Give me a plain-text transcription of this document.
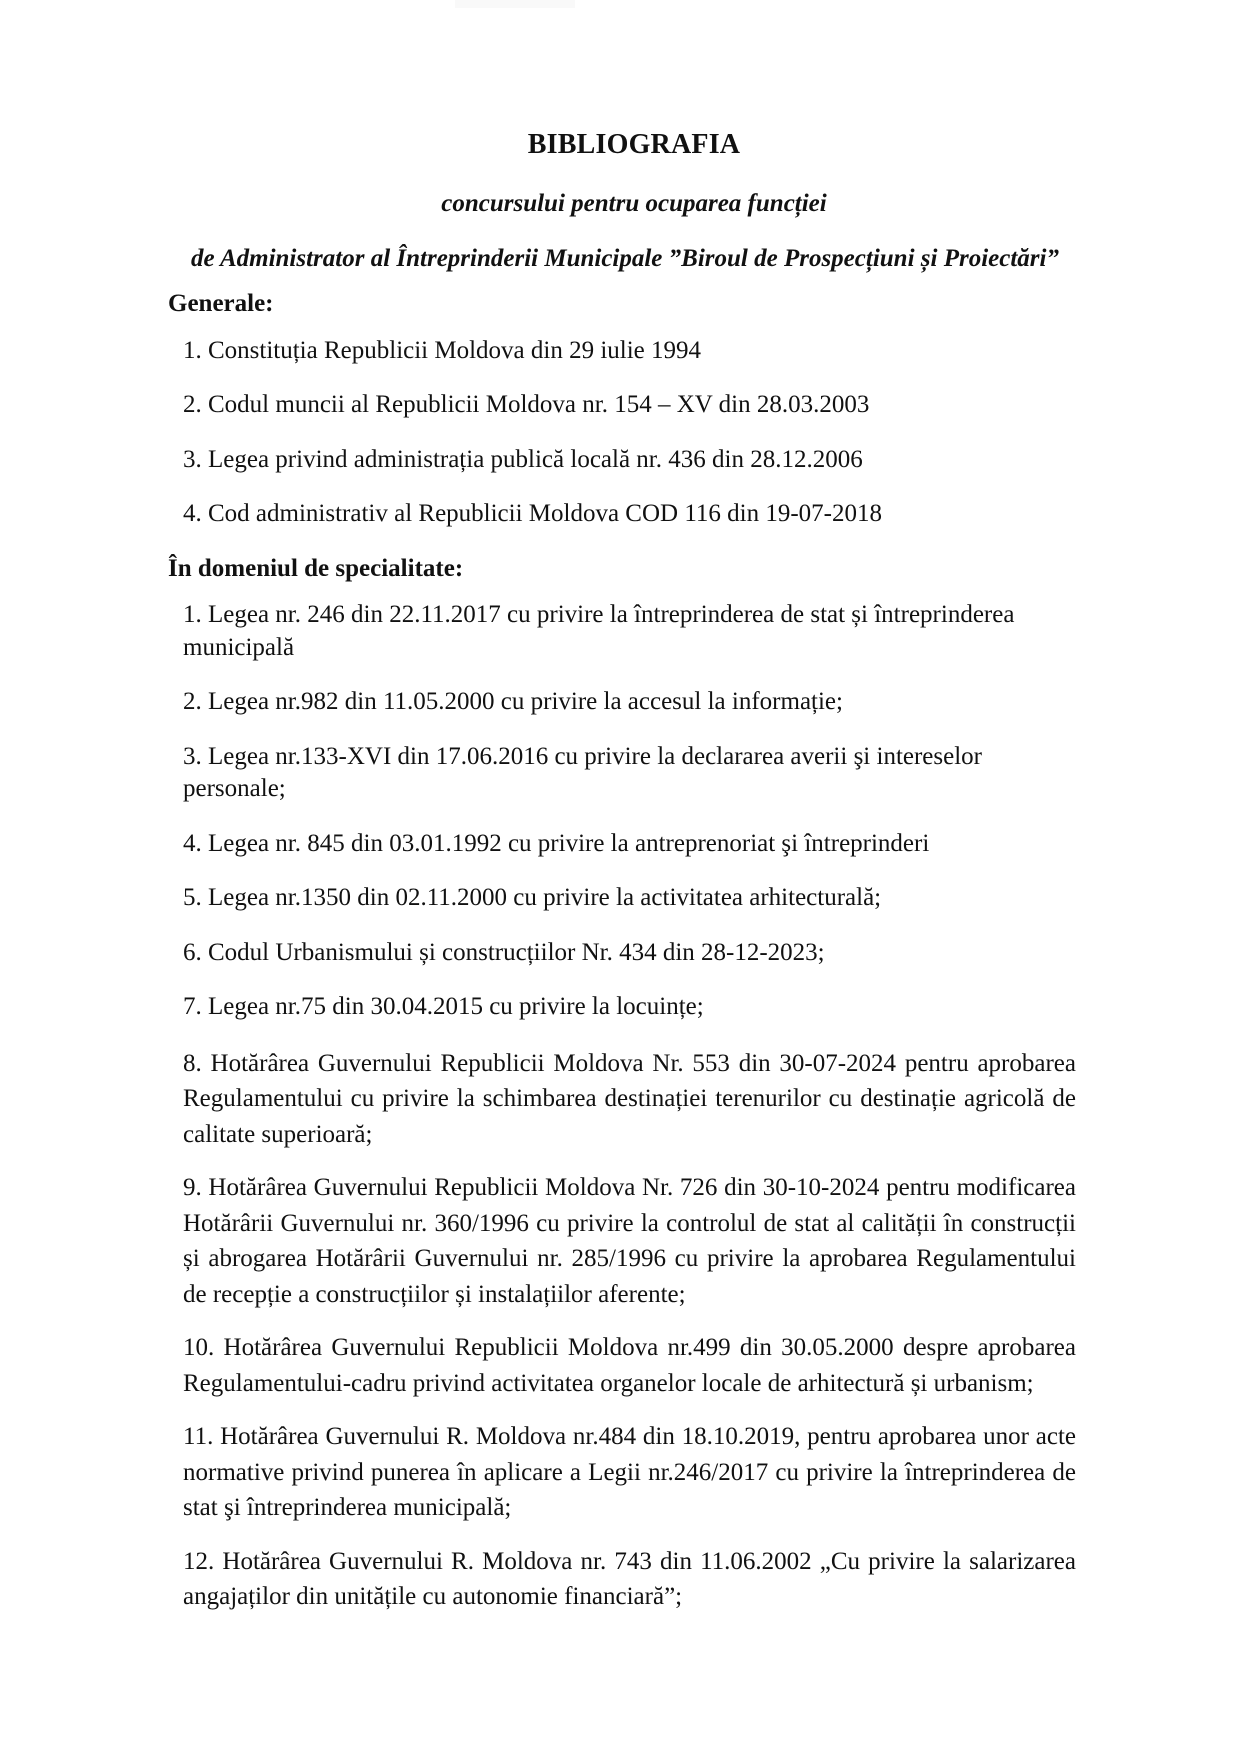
BIBLIOGRAFIA

concursului pentru ocuparea funcției

de Administrator al Întreprinderii Municipale ”Biroul de Prospecțiuni și Proiectări”

Generale:
1. Constituția Republicii Moldova din 29 iulie 1994
2. Codul muncii al Republicii Moldova nr. 154 – XV din 28.03.2003
3. Legea privind administrația publică locală nr. 436 din 28.12.2006
4. Cod administrativ al Republicii Moldova COD 116 din 19-07-2018
În domeniul de specialitate:
1. Legea nr. 246 din 22.11.2017 cu privire la întreprinderea de stat și întreprinderea municipală
2. Legea nr.982 din 11.05.2000 cu privire la accesul la informație;
3. Legea nr.133-XVI din 17.06.2016 cu privire la declararea averii şi intereselor personale;
4. Legea nr. 845 din 03.01.1992 cu privire la antreprenoriat şi întreprinderi
5. Legea nr.1350 din 02.11.2000 cu privire la activitatea arhitecturală;
6. Codul Urbanismului și construcțiilor Nr. 434 din 28-12-2023;
7. Legea nr.75 din 30.04.2015 cu privire la locuințe;
8. Hotărârea Guvernului Republicii Moldova Nr. 553 din 30-07-2024 pentru aprobarea Regulamentului cu privire la schimbarea destinației terenurilor cu destinație agricolă de calitate superioară;
9. Hotărârea Guvernului Republicii Moldova Nr. 726 din 30-10-2024 pentru modificarea Hotărârii Guvernului nr. 360/1996 cu privire la controlul de stat al calității în construcții și abrogarea Hotărârii Guvernului nr. 285/1996 cu privire la aprobarea Regulamentului de recepție a construcțiilor și instalațiilor aferente;
10. Hotărârea Guvernului Republicii Moldova nr.499 din 30.05.2000 despre aprobarea Regulamentului-cadru privind activitatea organelor locale de arhitectură și urbanism;
11. Hotărârea Guvernului R. Moldova nr.484 din 18.10.2019, pentru aprobarea unor acte normative privind punerea în aplicare a Legii nr.246/2017 cu privire la întreprinderea de stat şi întreprinderea municipală;
12. Hotărârea Guvernului R. Moldova nr. 743 din 11.06.2002 „Cu privire la salarizarea angajaților din unitățile cu autonomie financiară”;
